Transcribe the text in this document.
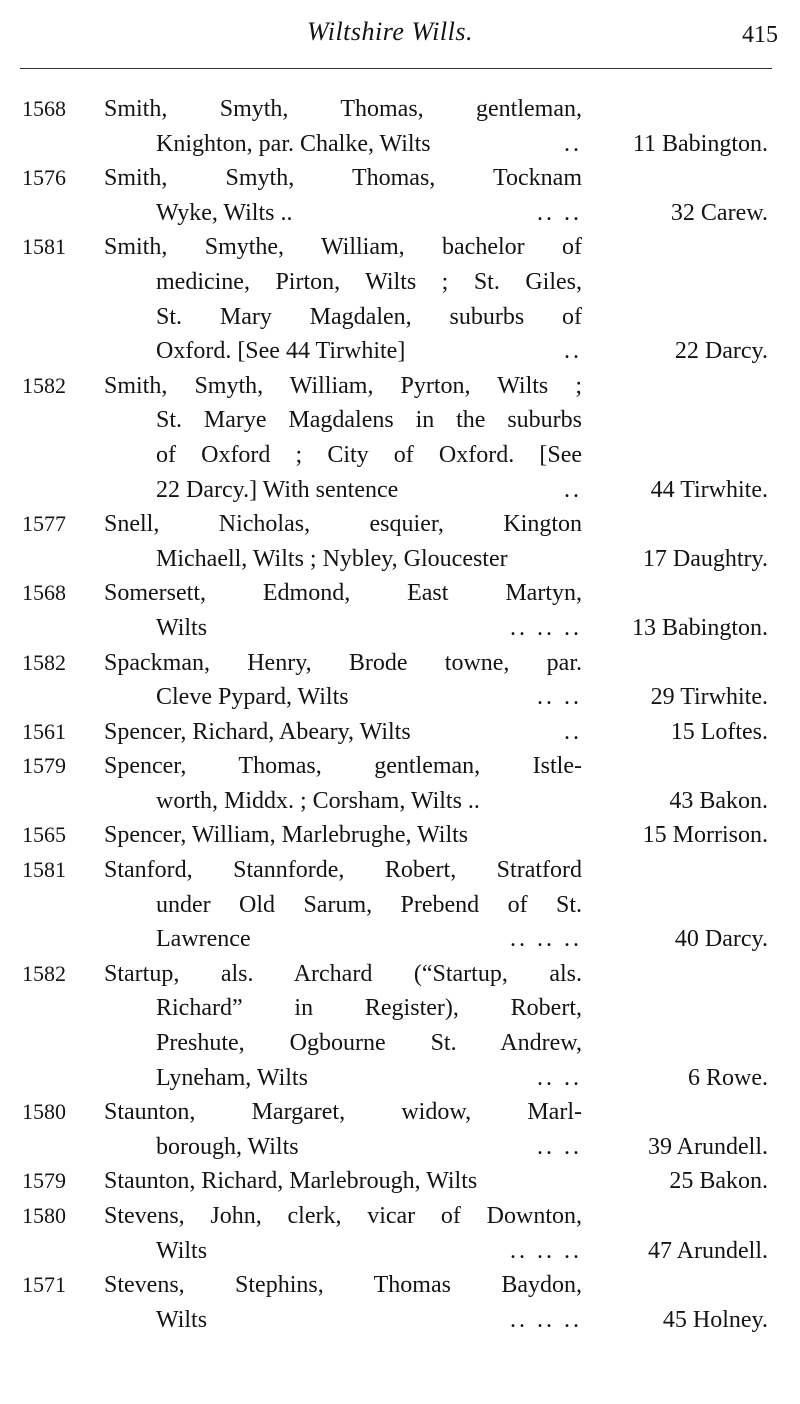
Wiltshire Wills.	415
1568 Smith, Smyth, Thomas, gentleman,
Knighton, par. Chalke, Wilts	.. 11 Babington.
1576 Smith, Smyth, Thomas, Tocknam
Wyke, Wilts ..	.. ..	32 Carew.
1581 Smith, Smythe, William, bachelor of
medicine, Pirton, Wilts ; St. Giles,
St. Mary Magdalen, suburbs of
Oxford. [See 44 Tirwhite]	..	22 Darcy.
1582 Smith, Smyth, William, Pyrton, Wilts ;
St. Marye Magdalens in the suburbs
of Oxford ; City of Oxford. [See
22 Darcy.] With sentence	..	44 Tirwhite.
1577 Snell, Nicholas, esquier, Kington
Michaell, Wilts ; Nybley, Gloucester	17 Daughtry.
1568 Somersett, Edmond, East Martyn,
Wilts	.. .. .. 13 Babington.
1582 Spackman, Henry, Brode towne, par.
Cleve Pypard, Wilts	.. ..	29 Tirwhite.
1561 Spencer, Richard, Abeary, Wilts	..	15 Loftes.
1579 Spencer, Thomas, gentleman, Istle-
worth, Middx. ; Corsham, Wilts ..	43 Bakon.
1565 Spencer, William, Marlebrughe, Wilts	15 Morrison.
1581 Stanford, Stannforde, Robert, Stratford
under Old Sarum, Prebend of St.
Lawrence	.. .. ..	40 Darcy.
1582 Startup, als. Archard (“Startup, als.
Richard” in Register), Robert,
Preshute, Ogbourne St. Andrew,
Lyneham, Wilts	.. ..	6 Rowe.
1580 Staunton, Margaret, widow, Marl-
borough, Wilts	.. ..	39 Arundell.
1579 Staunton, Richard, Marlebrough, Wilts	25 Bakon.
1580 Stevens, John, clerk, vicar of Downton,
Wilts	.. .. ..	47 Arundell.
1571 Stevens, Stephins, Thomas Baydon,
Wilts	.. .. ..	45 Holney.
